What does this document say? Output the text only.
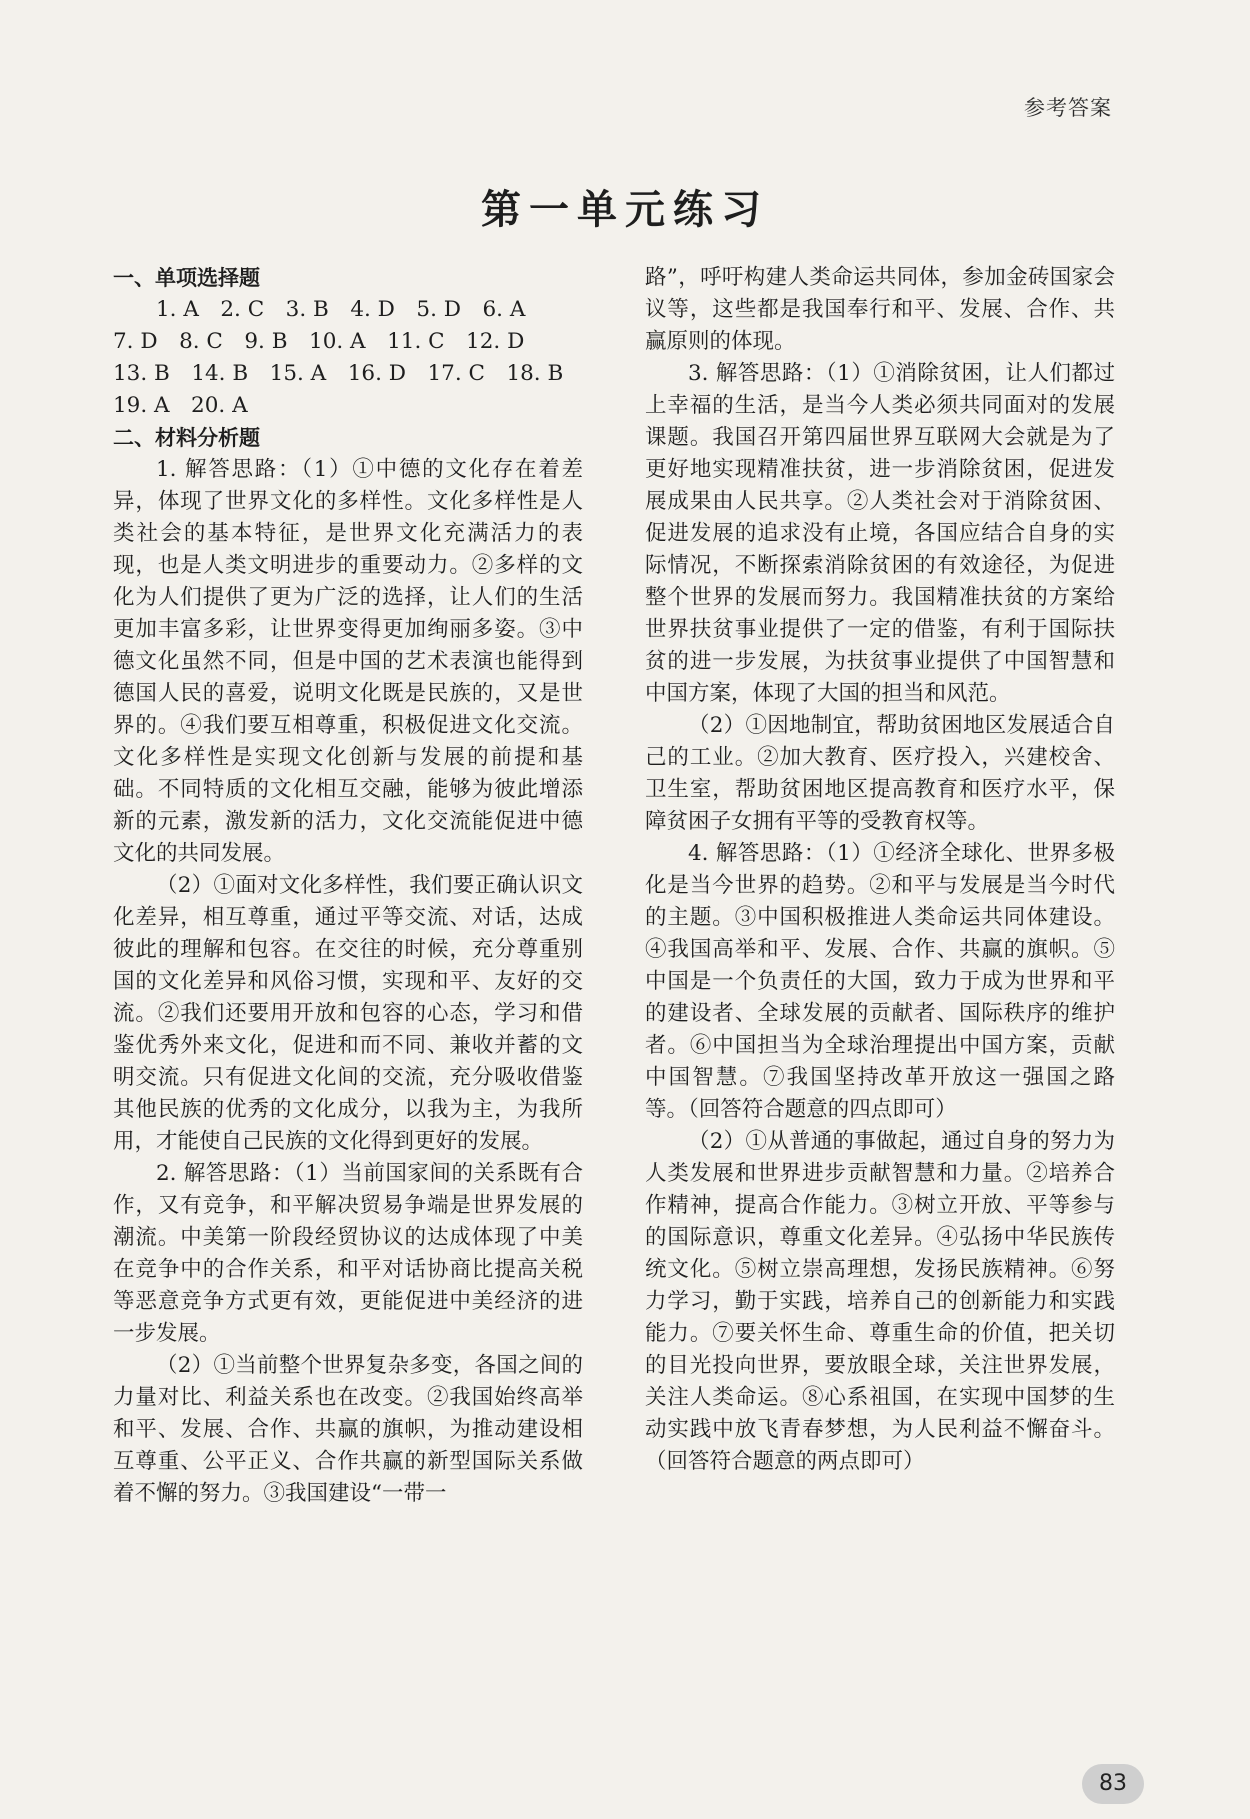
参考答案
第一单元练习

一、单项选择题

1. A　2. C　3. B　4. D　5. D　6. A

7. D　8. C　9. B　10. A　11. C　12. D

13. B　14. B　15. A　16. D　17. C　18. B

19. A　20. A

二、材料分析题

1. 解答思路：（1）①中德的文化存在着差异，体现了世界文化的多样性。文化多样性是人类社会的基本特征，是世界文化充满活力的表现，也是人类文明进步的重要动力。②多样的文化为人们提供了更为广泛的选择，让人们的生活更加丰富多彩，让世界变得更加绚丽多姿。③中德文化虽然不同，但是中国的艺术表演也能得到德国人民的喜爱，说明文化既是民族的，又是世界的。④我们要互相尊重，积极促进文化交流。文化多样性是实现文化创新与发展的前提和基础。不同特质的文化相互交融，能够为彼此增添新的元素，激发新的活力，文化交流能促进中德文化的共同发展。

（2）①面对文化多样性，我们要正确认识文化差异，相互尊重，通过平等交流、对话，达成彼此的理解和包容。在交往的时候，充分尊重别国的文化差异和风俗习惯，实现和平、友好的交流。②我们还要用开放和包容的心态，学习和借鉴优秀外来文化，促进和而不同、兼收并蓄的文明交流。只有促进文化间的交流，充分吸收借鉴其他民族的优秀的文化成分，以我为主，为我所用，才能使自己民族的文化得到更好的发展。

2. 解答思路：（1）当前国家间的关系既有合作，又有竞争，和平解决贸易争端是世界发展的潮流。中美第一阶段经贸协议的达成体现了中美在竞争中的合作关系，和平对话协商比提高关税等恶意竞争方式更有效，更能促进中美经济的进一步发展。

（2）①当前整个世界复杂多变，各国之间的力量对比、利益关系也在改变。②我国始终高举和平、发展、合作、共赢的旗帜，为推动建设相互尊重、公平正义、合作共赢的新型国际关系做着不懈的努力。③我国建设“一带一

路”，呼吁构建人类命运共同体，参加金砖国家会议等，这些都是我国奉行和平、发展、合作、共赢原则的体现。

3. 解答思路：（1）①消除贫困，让人们都过上幸福的生活，是当今人类必须共同面对的发展课题。我国召开第四届世界互联网大会就是为了更好地实现精准扶贫，进一步消除贫困，促进发展成果由人民共享。②人类社会对于消除贫困、促进发展的追求没有止境，各国应结合自身的实际情况，不断探索消除贫困的有效途径，为促进整个世界的发展而努力。我国精准扶贫的方案给世界扶贫事业提供了一定的借鉴，有利于国际扶贫的进一步发展，为扶贫事业提供了中国智慧和中国方案，体现了大国的担当和风范。

（2）①因地制宜，帮助贫困地区发展适合自己的工业。②加大教育、医疗投入，兴建校舍、卫生室，帮助贫困地区提高教育和医疗水平，保障贫困子女拥有平等的受教育权等。

4. 解答思路：（1）①经济全球化、世界多极化是当今世界的趋势。②和平与发展是当今时代的主题。③中国积极推进人类命运共同体建设。④我国高举和平、发展、合作、共赢的旗帜。⑤中国是一个负责任的大国，致力于成为世界和平的建设者、全球发展的贡献者、国际秩序的维护者。⑥中国担当为全球治理提出中国方案，贡献中国智慧。⑦我国坚持改革开放这一强国之路等。（回答符合题意的四点即可）

（2）①从普通的事做起，通过自身的努力为人类发展和世界进步贡献智慧和力量。②培养合作精神，提高合作能力。③树立开放、平等参与的国际意识，尊重文化差异。④弘扬中华民族传统文化。⑤树立崇高理想，发扬民族精神。⑥努力学习，勤于实践，培养自己的创新能力和实践能力。⑦要关怀生命、尊重生命的价值，把关切的目光投向世界，要放眼全球，关注世界发展，关注人类命运。⑧心系祖国，在实现中国梦的生动实践中放飞青春梦想，为人民利益不懈奋斗。（回答符合题意的两点即可）

83
